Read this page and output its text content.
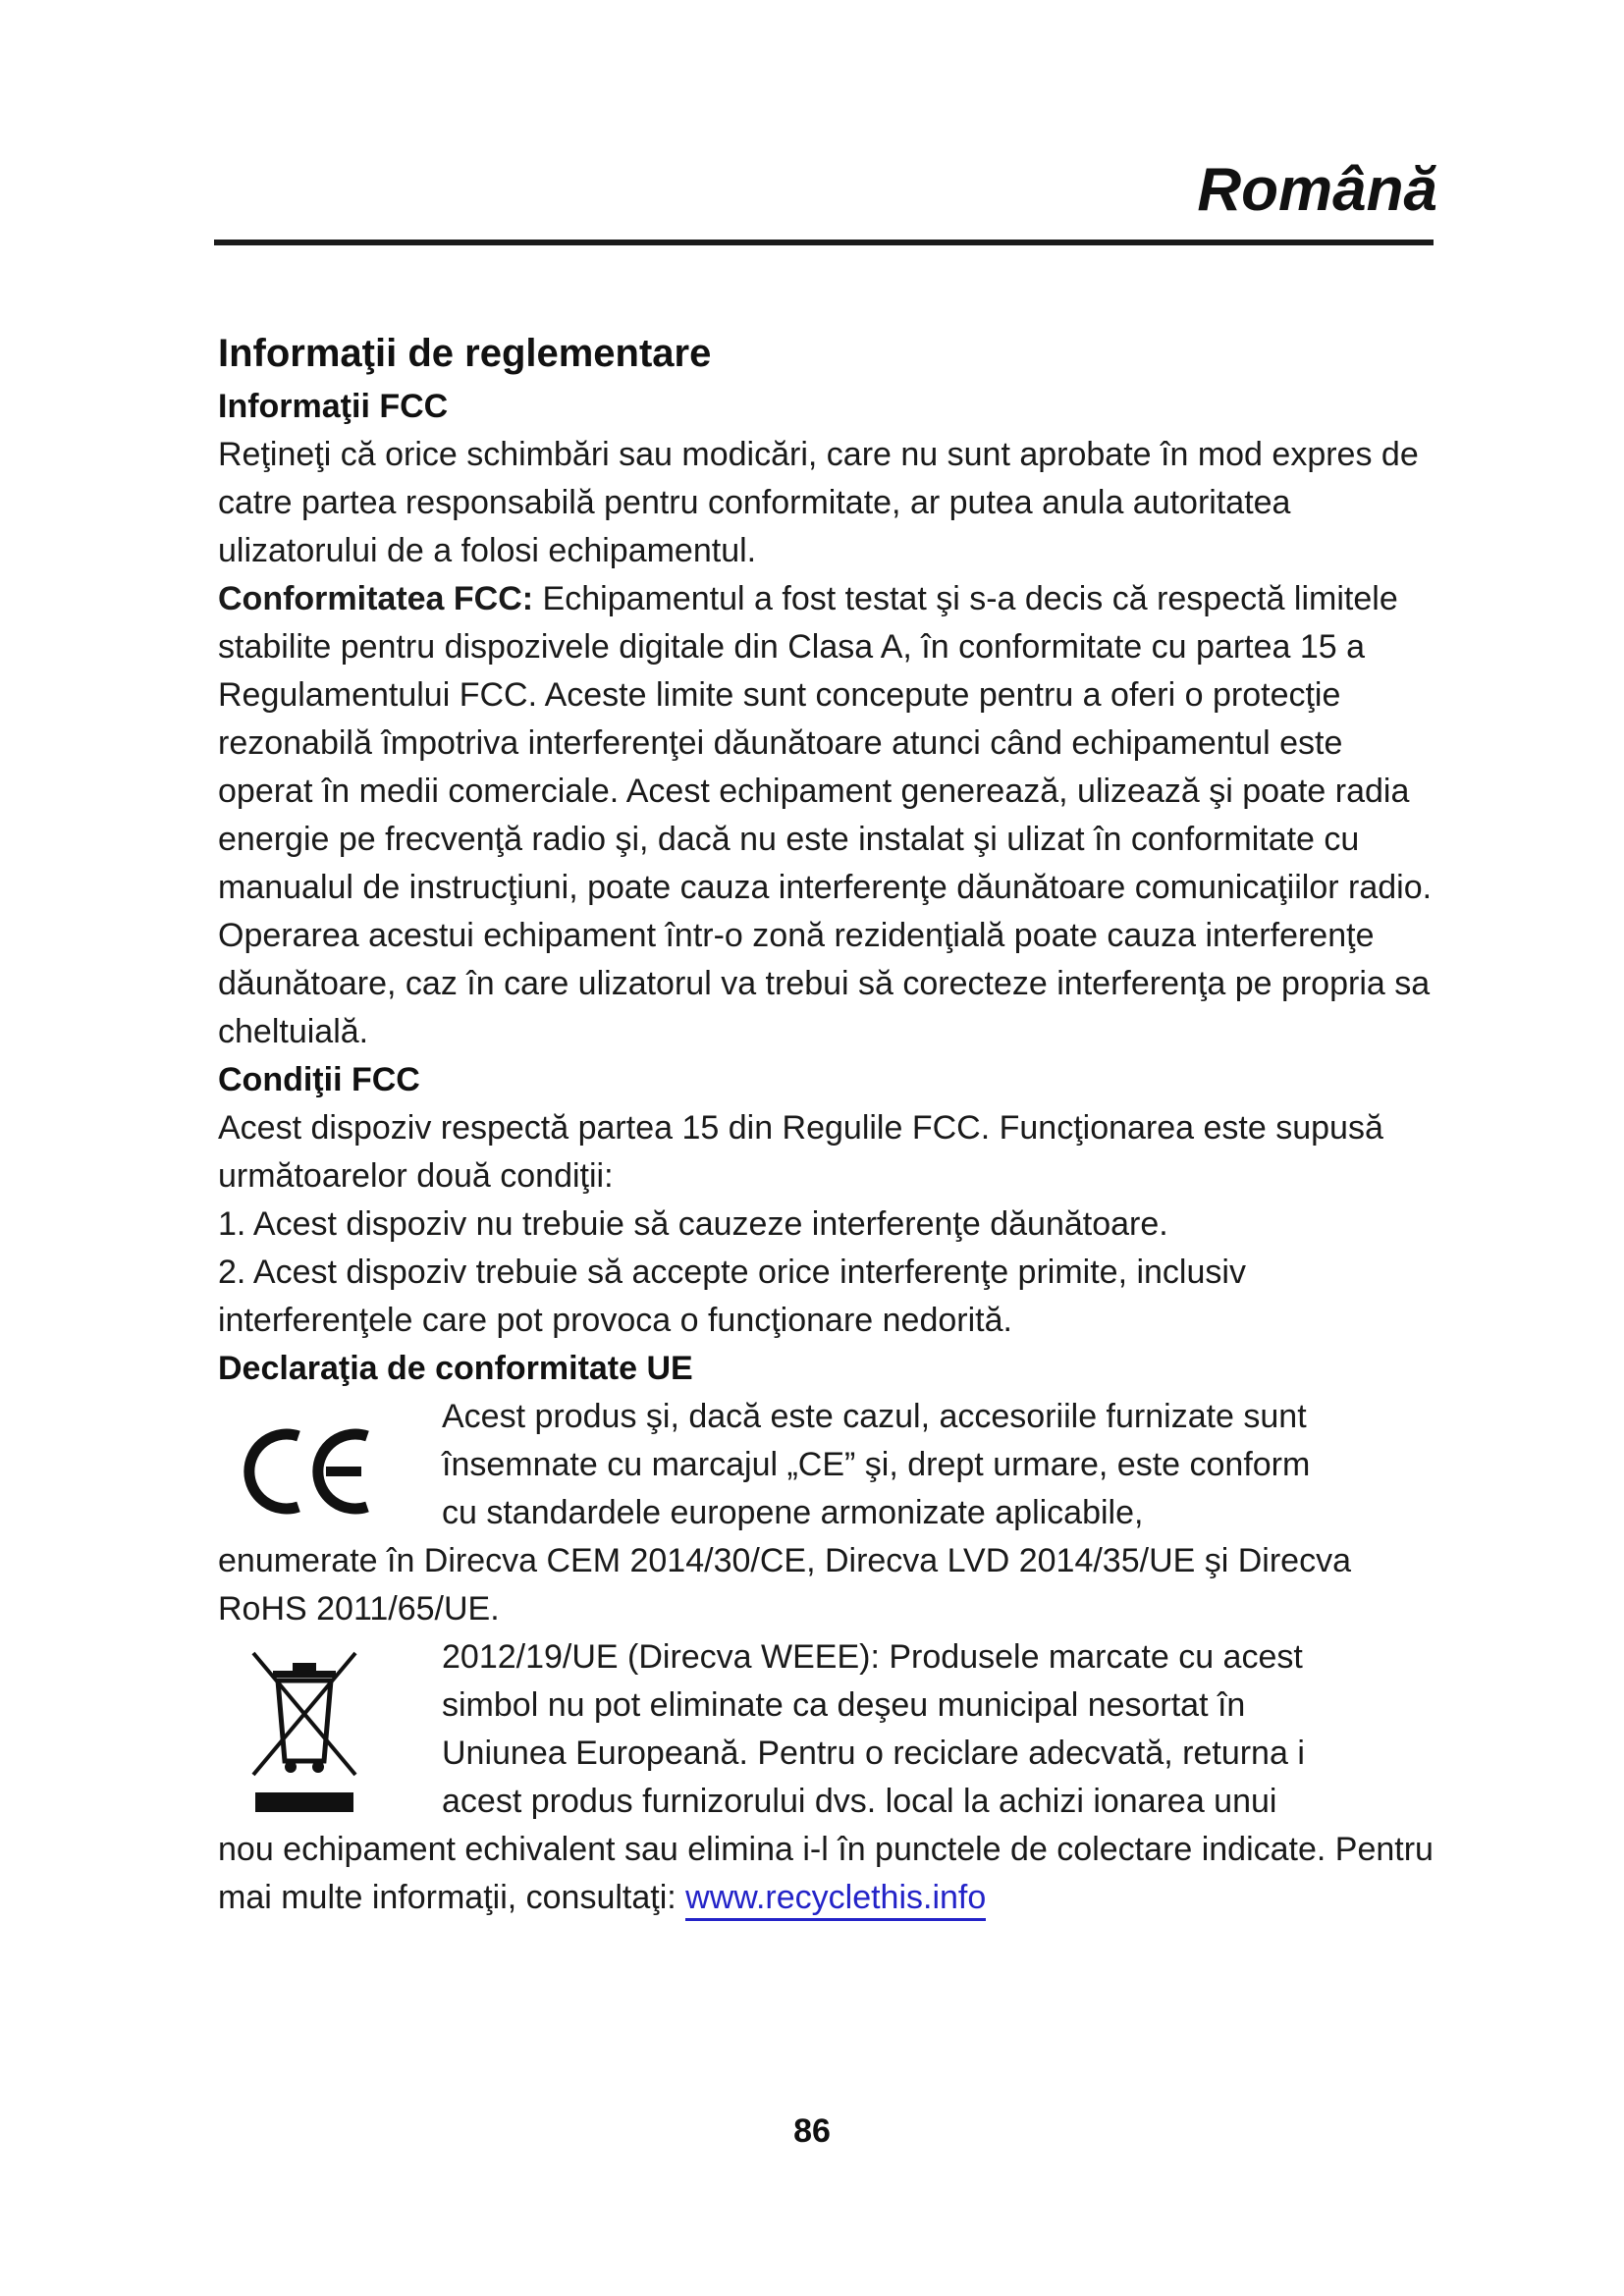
Română
Informaţii de reglementare
Informaţii FCC

Reţineţi că orice schimbări sau modicări, care nu sunt aprobate în mod expres de catre partea responsabilă pentru conformitate, ar putea anula autoritatea ulizatorului de a folosi echipamentul.

Conformitatea FCC: Echipamentul a fost testat şi s-a decis că respectă limitele stabilite pentru dispozivele digitale din Clasa A, în conformitate cu partea 15 a Regulamentului FCC. Aceste limite sunt concepute pentru a oferi o protecţie rezonabilă împotriva interferenţei dăunătoare atunci când echipamentul este operat în medii comerciale. Acest echipament generează, ulizează şi poate radia energie pe frecvenţă radio şi, dacă nu este instalat şi ulizat în conformitate cu manualul de instrucţiuni, poate cauza interferenţe dăunătoare comunicaţiilor radio. Operarea acestui echipament într-o zonă rezidenţială poate cauza interferenţe dăunătoare, caz în care ulizatorul va trebui să corecteze interferenţa pe propria sa cheltuială.

Condiţii FCC

Acest dispoziv respectă partea 15 din Regulile FCC. Funcţionarea este supusă următoarelor două condiţii:

1. Acest dispoziv nu trebuie să cauzeze interferenţe dăunătoare.

2. Acest dispoziv trebuie să accepte orice interferenţe primite, inclusiv interferenţele care pot provoca o funcţionare nedorită.

Declaraţia de conformitate UE

Acest produs şi, dacă este cazul, accesoriile furnizate sunt

însemnate cu marcajul „CE” şi, drept urmare, este conform

cu standardele europene armonizate aplicabile,

enumerate în Direcva CEM 2014/30/CE, Direcva LVD 2014/35/UE şi Direcva RoHS 2011/65/UE.

2012/19/UE (Direcva WEEE): Produsele marcate cu acest

simbol nu pot eliminate ca deşeu municipal nesortat în

Uniunea Europeană. Pentru o reciclare adecvată, returna i

acest produs furnizorului dvs. local la achizi ionarea unui

nou echipament echivalent sau elimina i-l în punctele de colectare indicate. Pentru mai multe informaţii, consultaţi: www.recyclethis.info

86
